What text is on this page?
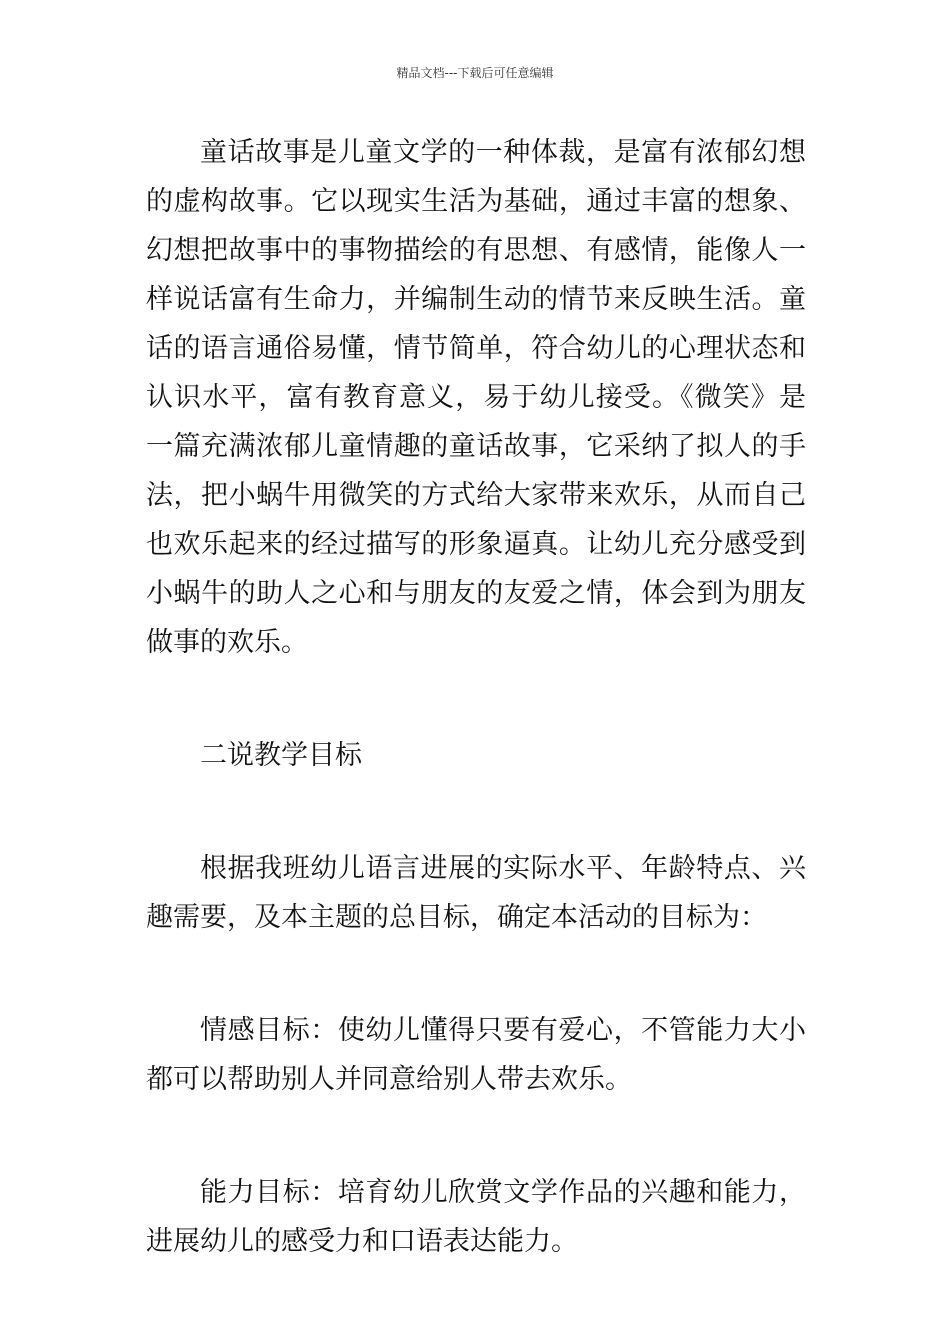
精品文档---下载后可任意编辑

童话故事是儿童文学的一种体裁，是富有浓郁幻想的虚构故事。它以现实生活为基础，通过丰富的想象、幻想把故事中的事物描绘的有思想、有感情，能像人一样说话富有生命力，并编制生动的情节来反映生活。童话的语言通俗易懂，情节简单，符合幼儿的心理状态和认识水平，富有教育意义，易于幼儿接受。《微笑》是一篇充满浓郁儿童情趣的童话故事，它采纳了拟人的手法，把小蜗牛用微笑的方式给大家带来欢乐，从而自己也欢乐起来的经过描写的形象逼真。让幼儿充分感受到小蜗牛的助人之心和与朋友的友爱之情，体会到为朋友做事的欢乐。

二说教学目标

根据我班幼儿语言进展的实际水平、年龄特点、兴趣需要，及本主题的总目标，确定本活动的目标为：

情感目标：使幼儿懂得只要有爱心，不管能力大小都可以帮助别人并同意给别人带去欢乐。

能力目标：培育幼儿欣赏文学作品的兴趣和能力，进展幼儿的感受力和口语表达能力。
